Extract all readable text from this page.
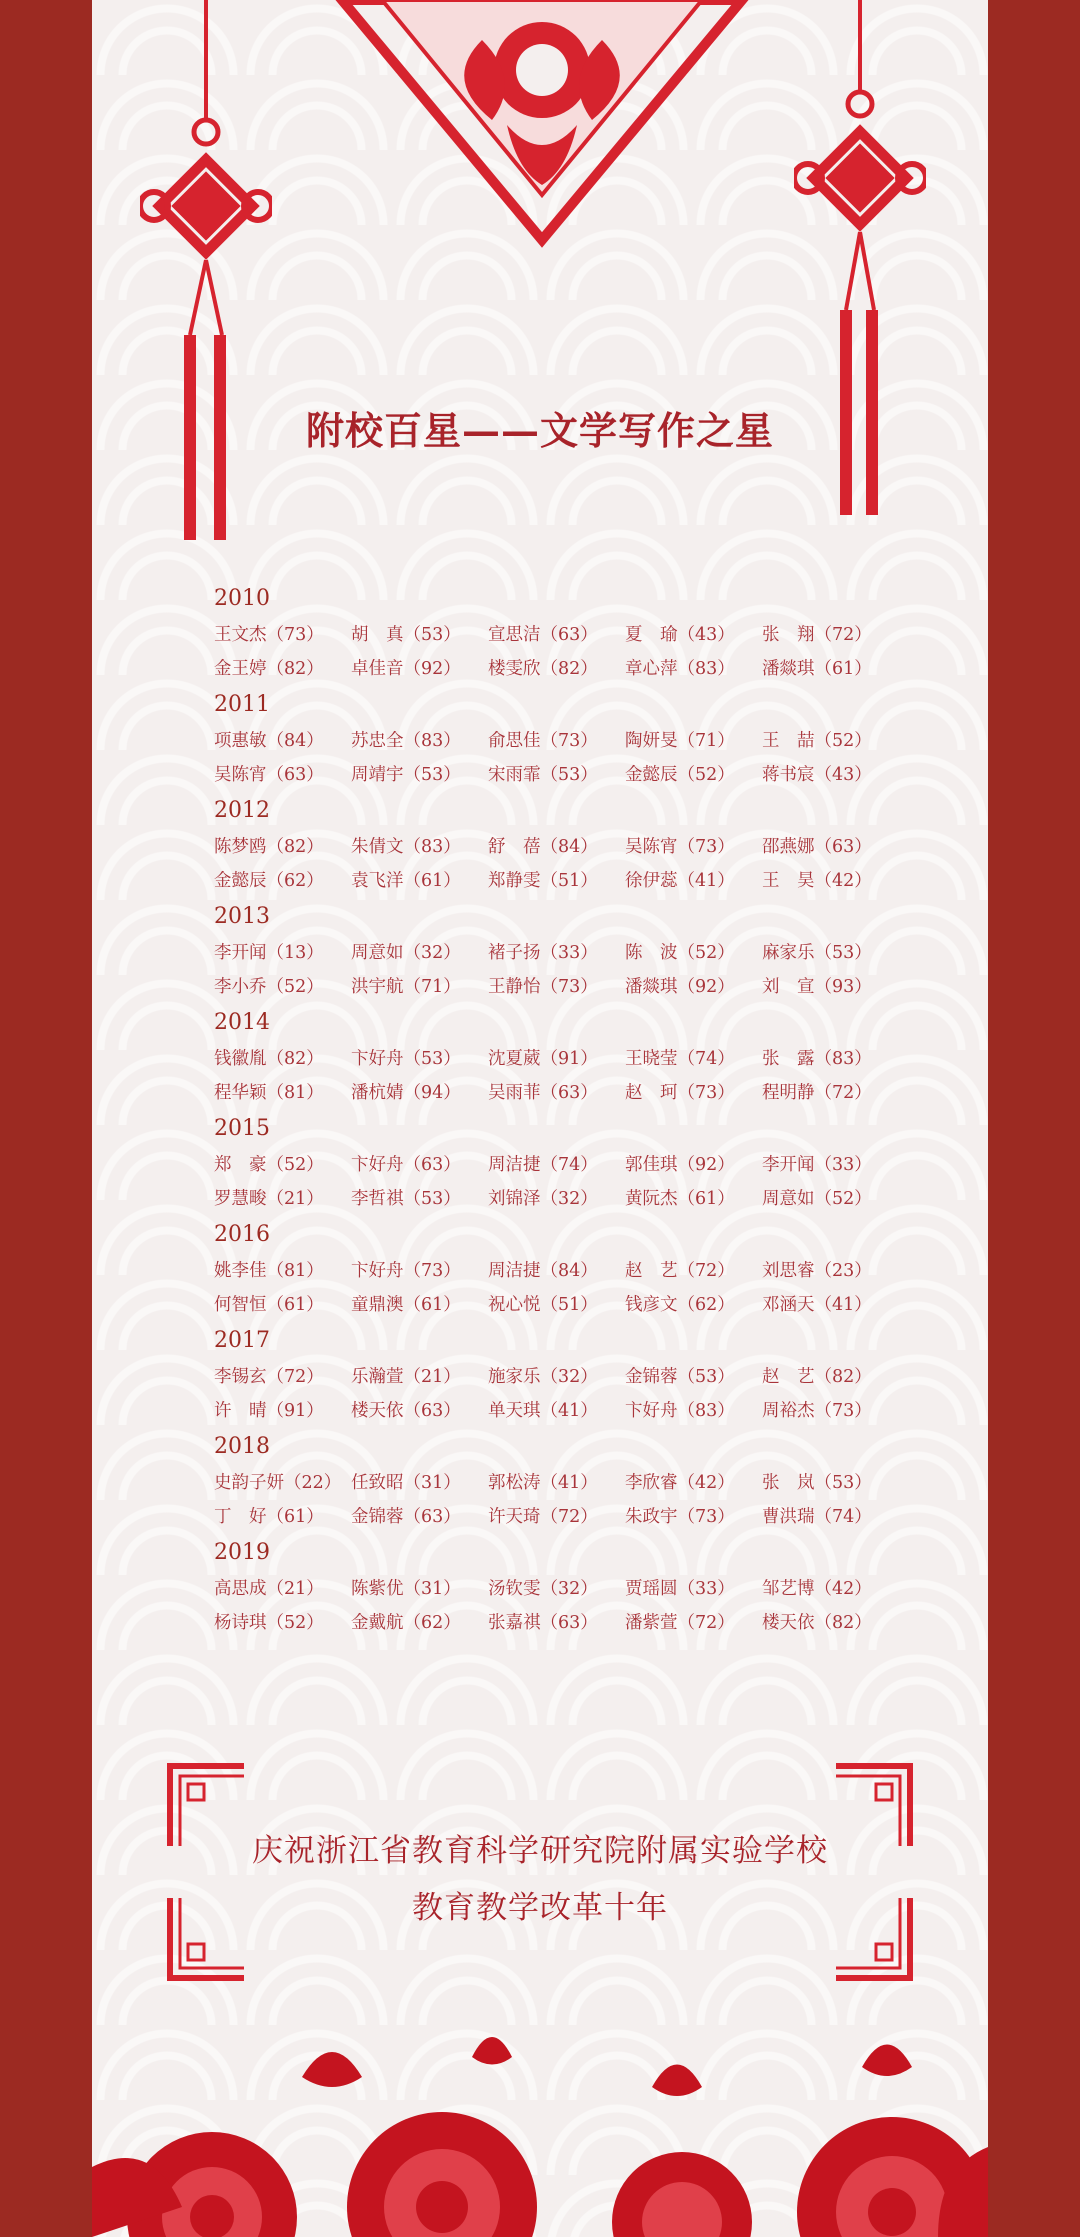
附校百星——文学写作之星
2010
王文杰（73）	胡　真（53）	宣思洁（63）	夏　瑜（43）	张　翔（72）
金王婷（82）	卓佳音（92）	楼雯欣（82）	章心萍（83）	潘燚琪（61）
2011
项惠敏（84）	苏忠全（83）	俞思佳（73）	陶妍旻（71）	王　喆（52）
吴陈宵（63）	周靖宇（53）	宋雨霏（53）	金懿辰（52）	蒋书宸（43）
2012
陈梦鸥（82）	朱倩文（83）	舒　蓓（84）	吴陈宵（73）	邵燕娜（63）
金懿辰（62）	袁飞洋（61）	郑静雯（51）	徐伊蕊（41）	王　昊（42）
2013
李开闻（13）	周意如（32）	褚子扬（33）	陈　波（52）	麻家乐（53）
李小乔（52）	洪宇航（71）	王静怡（73）	潘燚琪（92）	刘　宣（93）
2014
钱徽胤（82）	卞好舟（53）	沈夏葳（91）	王晓莹（74）	张　露（83）
程华颖（81）	潘杭婧（94）	吴雨菲（63）	赵　珂（73）	程明静（72）
2015
郑　豪（52）	卞好舟（63）	周洁捷（74）	郭佳琪（92）	李开闻（33）
罗慧畯（21）	李哲祺（53）	刘锦泽（32）	黄阮杰（61）	周意如（52）
2016
姚李佳（81）	卞好舟（73）	周洁捷（84）	赵　艺（72）	刘思睿（23）
何智恒（61）	童鼎澳（61）	祝心悦（51）	钱彦文（62）	邓涵天（41）
2017
李锡玄（72）	乐瀚萱（21）	施家乐（32）	金锦蓉（53）	赵　艺（82）
许　晴（91）	楼天依（63）	单天琪（41）	卞好舟（83）	周裕杰（73）
2018
史韵子妍（22） 任致昭（31）	郭松涛（41）	李欣睿（42）	张　岚（53）
丁　好（61）	金锦蓉（63）	许天琦（72）	朱政宇（73）	曹洪瑞（74）
2019
高思成（21）	陈紫优（31）	汤钦雯（32）	贾瑶圆（33）	邹艺博（42）
杨诗琪（52）	金戴航（62）	张嘉祺（63）	潘紫萱（72）	楼天依（82）
庆祝浙江省教育科学研究院附属实验学校
教育教学改革十年
